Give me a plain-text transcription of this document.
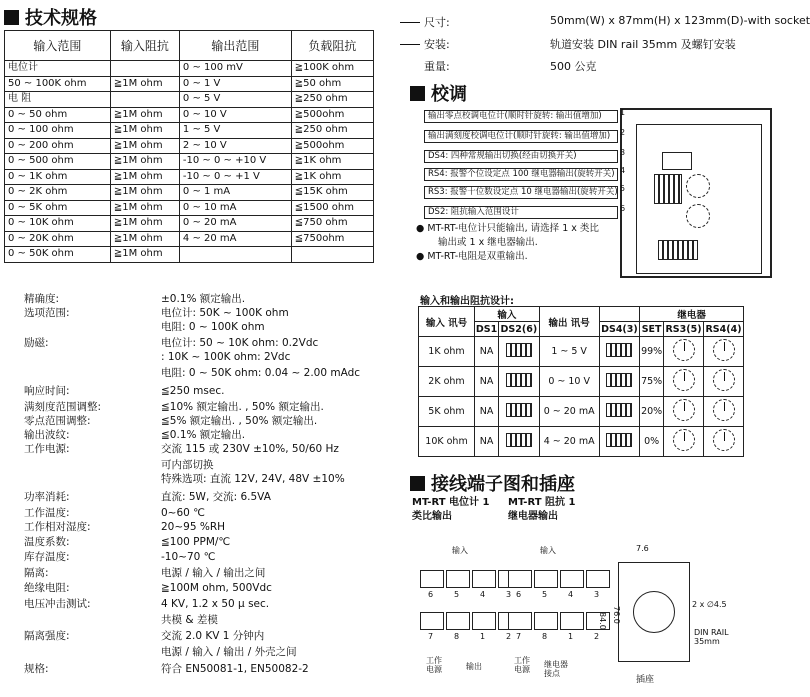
技术规格
输入范围	输入阻抗	输出范围	负载阻抗
电位计		0 ~ 100 mV	≧100K ohm
50 ~ 100K ohm	≧1M ohm	0 ~ 1 V	≧50 ohm
电 阻		0 ~ 5 V	≧250 ohm
0 ~ 50 ohm	≧1M ohm	0 ~ 10 V	≧500ohm
0 ~ 100 ohm	≧1M ohm	1 ~ 5 V	≧250 ohm
0 ~ 200 ohm	≧1M ohm	2 ~ 10 V	≧500ohm
0 ~ 500 ohm	≧1M ohm	-10 ~ 0 ~ +10 V	≧1K ohm
0 ~ 1K ohm	≧1M ohm	-10 ~ 0 ~ +1 V	≧1K ohm
0 ~ 2K ohm	≧1M ohm	0 ~ 1 mA	≦15K ohm
0 ~ 5K ohm	≧1M ohm	0 ~ 10 mA	≦1500 ohm
0 ~ 10K ohm	≧1M ohm	0 ~ 20 mA	≦750 ohm
0 ~ 20K ohm	≧1M ohm	4 ~ 20 mA	≦750ohm
0 ~ 50K ohm	≧1M ohm		
精确度:	±0.1% 额定输出.
选项范围:	电位计: 50K ~ 100K ohm
电阻: 0 ~ 100K ohm
励磁:	电位计: 50 ~ 10K ohm: 0.2Vdc
: 10K ~ 100K ohm: 2Vdc
电阻: 0 ~ 50K ohm: 0.04 ~ 2.00 mAdc
响应时间:	≦250 msec.
满刻度范围调整:	≦10% 额定输出. , 50% 额定输出.
零点范围调整:	≦5% 额定输出. , 50% 额定输出.
输出波纹:	≦0.1% 额定输出.
工作电源:	交流 115 或 230V ±10%, 50/60 Hz
可内部切换
特殊选项: 直流 12V, 24V, 48V ±10%
功率消耗:	直流: 5W, 交流: 6.5VA
工作温度:	0~60 ℃
工作相对湿度:	20~95 %RH
温度系数:	≦100 PPM/℃
库存温度:	-10~70 ℃
隔离:	电源 / 输入 / 输出之间
绝缘电阻:	≧100M ohm, 500Vdc
电压冲击测试:	4 KV, 1.2 x 50 μ sec.
共模 & 差模
隔离强度:	交流 2.0 KV 1 分钟内
电源 / 输入 / 输出 / 外壳之间
规格:	符合 EN50081-1, EN50082-2
尺寸:	50mm(W) x 87mm(H) x 123mm(D)-with socket
安装:	轨道安装 DIN rail 35mm 及螺钉安装
重量:	500 公克
校调
输出零点校调电位计(顺时针旋转: 输出值增加)
输出满刻度校调电位计(顺时针旋转: 输出值增加)
DS4: 四种常规输出切换(经由切换开关)
RS4: 报警个位设定点 100 继电器输出(旋转开关)
RS3: 报警十位数设定点 10 继电器输出(旋转开关)
DS2: 阻抗输入范围设计
1
2
3
4
5
6
● MT-RT-电位计只能输出, 请选择 1 x 类比
输出或 1 x 继电器输出.
● MT-RT-电阻是双重输出.
输入和输出阻抗设计:
输入 讯号	输入		输出 讯号		继电器		
	DS1	DS2(6)		DS4(3)	SET	RS3(5)	RS4(4)
1K ohm	NA		1 ~ 5 V		99%		
2K ohm	NA		0 ~ 10 V		75%		
5K ohm	NA		0 ~ 20 mA		20%		
10K ohm	NA		4 ~ 20 mA		0%		
接线端子图和插座
MT-RT 电位计 1
类比输出
MT-RT 阻抗 1
继电器输出
6	5	4	3
7	8	1	2
6	5	4	3
7	8	1	2
输入
工作
电源	输出
输入
工作
电源
继电器
接点
7.6
76.0
84.0
2 x ∅4.5
DIN RAIL
35mm
插座
